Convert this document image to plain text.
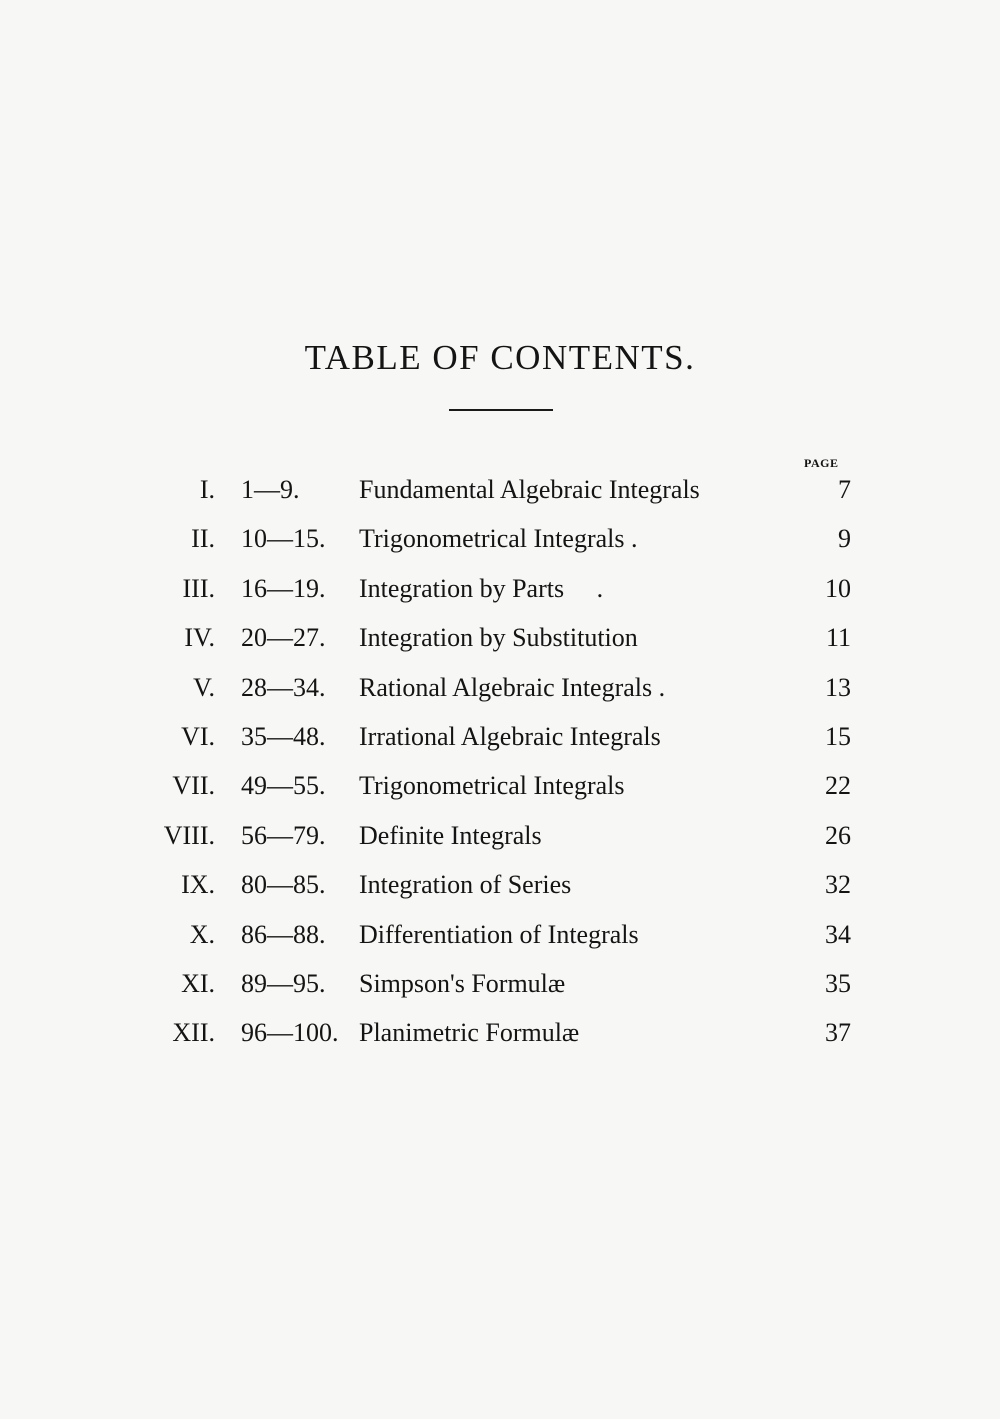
TABLE OF CONTENTS.
PAGE
I. 1—9. Fundamental Algebraic Integrals	7
II. 10—15. Trigonometrical Integrals .	9
III. 16—19. Integration by Parts     .	10
IV. 20—27. Integration by Substitution	11
V. 28—34. Rational Algebraic Integrals .	13
VI. 35—48. Irrational Algebraic Integrals	15
VII. 49—55. Trigonometrical Integrals	22
VIII. 56—79. Definite Integrals	26
IX. 80—85. Integration of Series	32
X. 86—88. Differentiation of Integrals	34
XI. 89—95. Simpson's Formulæ	35
XII. 96—100. Planimetric Formulæ	37
